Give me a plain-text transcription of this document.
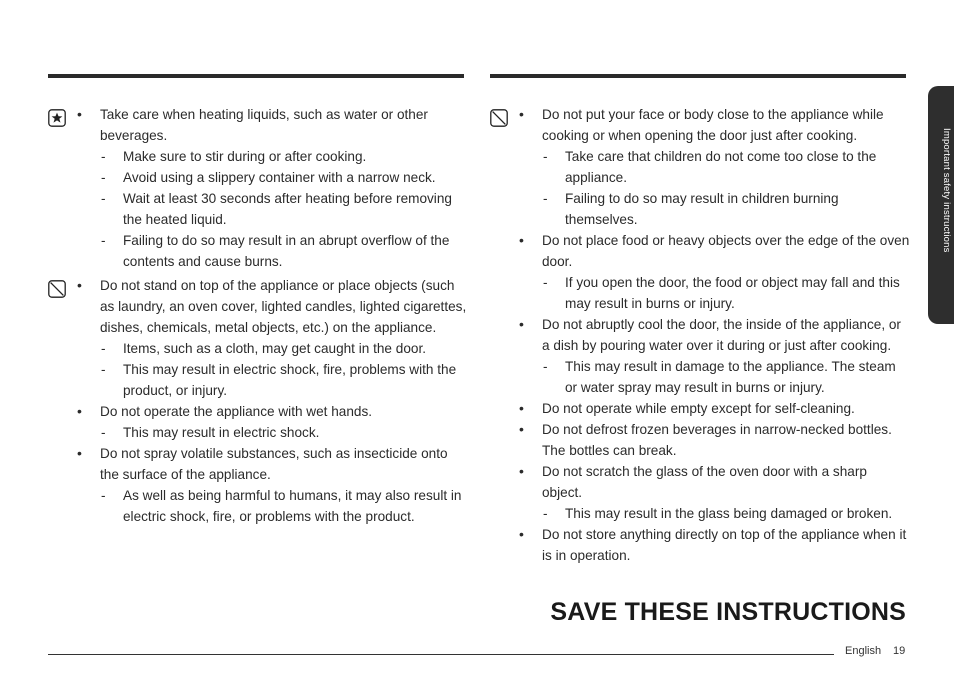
• Take care when heating liquids, such as water or other beverages.
- Make sure to stir during or after cooking.
- Avoid using a slippery container with a narrow neck.
- Wait at least 30 seconds after heating before removing the heated liquid.
- Failing to do so may result in an abrupt overflow of the contents and cause burns.
• Do not stand on top of the appliance or place objects (such as laundry, an oven cover, lighted candles, lighted cigarettes, dishes, chemicals, metal objects, etc.) on the appliance.
- Items, such as a cloth, may get caught in the door.
- This may result in electric shock, fire, problems with the product, or injury.
• Do not operate the appliance with wet hands.
- This may result in electric shock.
• Do not spray volatile substances, such as insecticide onto the surface of the appliance.
- As well as being harmful to humans, it may also result in electric shock, fire, or problems with the product.
• Do not put your face or body close to the appliance while cooking or when opening the door just after cooking.
- Take care that children do not come too close to the appliance.
- Failing to do so may result in children burning themselves.
• Do not place food or heavy objects over the edge of the oven door.
- If you open the door, the food or object may fall and this may result in burns or injury.
• Do not abruptly cool the door, the inside of the appliance, or a dish by pouring water over it during or just after cooking.
- This may result in damage to the appliance. The steam or water spray may result in burns or injury.
• Do not operate while empty except for self-cleaning.
• Do not defrost frozen beverages in narrow-necked bottles. The bottles can break.
• Do not scratch the glass of the oven door with a sharp object.
- This may result in the glass being damaged or broken.
• Do not store anything directly on top of the appliance when it is in operation.
Important safety instructions
SAVE THESE INSTRUCTIONS
English 19
